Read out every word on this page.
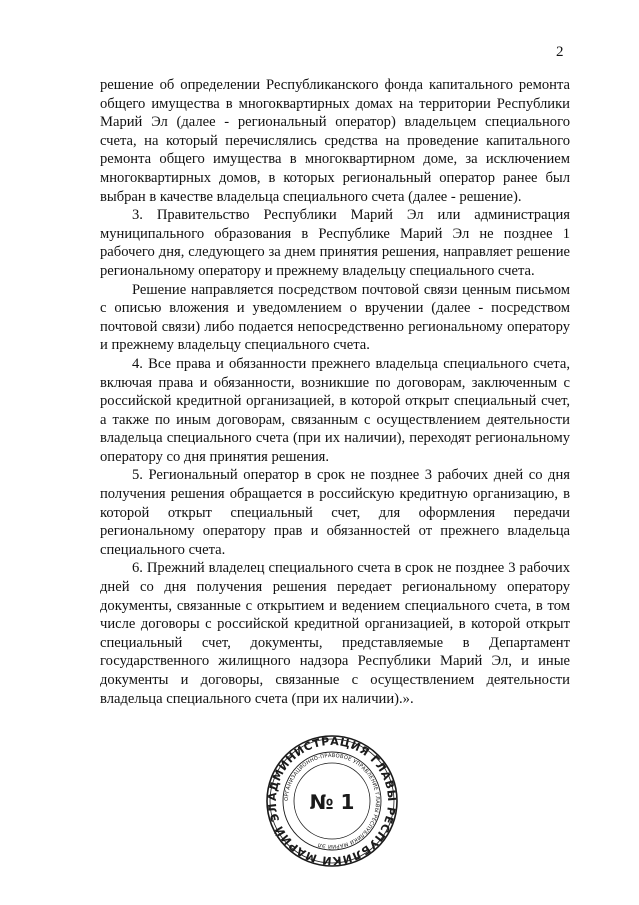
2

решение об определении Республиканского фонда капитального ремонта общего имущества в многоквартирных домах на территории Республики Марий Эл (далее - региональный оператор) владельцем специального счета, на который перечислялись средства на проведение капитального ремонта общего имущества в многоквартирном доме, за исключением многоквартирных домов, в которых региональный оператор ранее был выбран в качестве владельца специального счета (далее - решение).

3. Правительство Республики Марий Эл или администрация муниципального образования в Республике Марий Эл не позднее 1 рабочего дня, следующего за днем принятия решения, направляет решение региональному оператору и прежнему владельцу специального счета.

Решение направляется посредством почтовой связи ценным письмом с описью вложения и уведомлением о вручении (далее - посредством почтовой связи) либо подается непосредственно региональному оператору и прежнему владельцу специального счета.

4. Все права и обязанности прежнего владельца специального счета, включая права и обязанности, возникшие по договорам, заключенным с российской кредитной организацией, в которой открыт специальный счет, а также по иным договорам, связанным с осуществлением деятельности владельца специального счета (при их наличии), переходят региональному оператору со дня принятия решения.

5. Региональный оператор в срок не позднее 3 рабочих дней со дня получения решения обращается в российскую кредитную организацию, в которой открыт специальный счет, для оформления передачи региональному оператору прав и обязанностей от прежнего владельца специального счета.

6. Прежний владелец специального счета в срок не позднее 3 рабочих дней со дня получения решения передает региональному оператору документы, связанные с открытием и ведением специального счета, в том числе договоры с российской кредитной организацией, в которой открыт специальный счет, документы, представляемые в Департамент государственного жилищного надзора Республики Марий Эл, и иные документы и договоры, связанные с осуществлением деятельности владельца специального счета (при их наличии).».

АДМИНИСТРАЦИЯ ГЛАВЫ РЕСПУБЛИКИ МАРИЙ ЭЛ
ОРГАНИЗАЦИОННО-ПРАВОВОЕ УПРАВЛЕНИЕ ГЛАВЫ РЕСПУБЛИКИ МАРИЙ ЭЛ
№ 1
